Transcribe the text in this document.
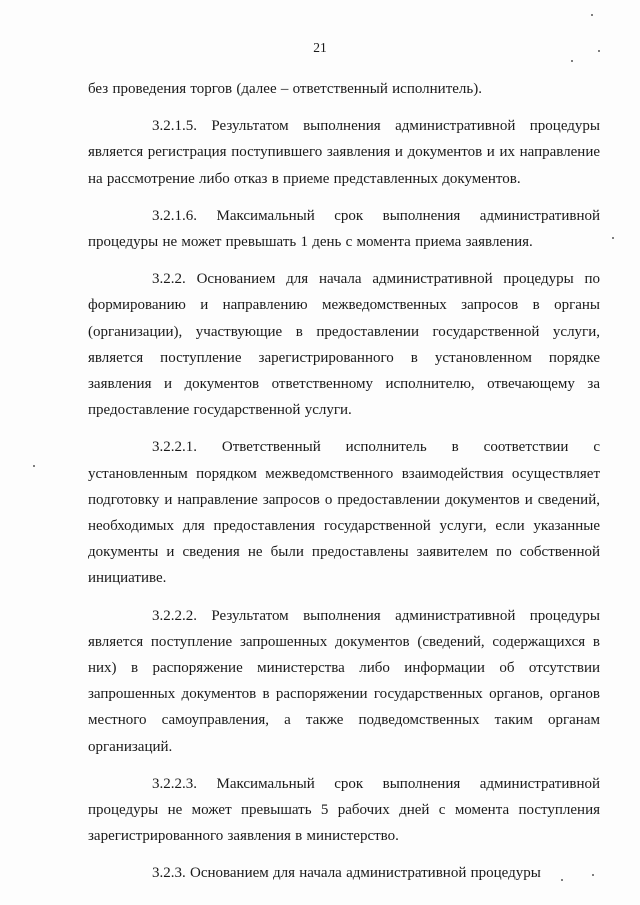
21

без проведения торгов (далее – ответственный исполнитель).

3.2.1.5. Результатом выполнения административной процедуры является регистрация поступившего заявления и документов и их направление на рассмотрение либо отказ в приеме представленных документов.

3.2.1.6. Максимальный срок выполнения административной процедуры не может превышать 1 день с момента приема заявления.

3.2.2. Основанием для начала административной процедуры по формированию и направлению межведомственных запросов в органы (организации), участвующие в предоставлении государственной услуги, является поступление зарегистрированного в установленном порядке заявления и документов ответственному исполнителю, отвечающему за предоставление государственной услуги.

3.2.2.1. Ответственный исполнитель в соответствии с установленным порядком межведомственного взаимодействия осуществляет подготовку и направление запросов о предоставлении документов и сведений, необходимых для предоставления государственной услуги, если указанные документы и сведения не были предоставлены заявителем по собственной инициативе.

3.2.2.2. Результатом выполнения административной процедуры является поступление запрошенных документов (сведений, содержащихся в них) в распоряжение министерства либо информации об отсутствии запрошенных документов в распоряжении государственных органов, органов местного самоуправления, а также подведомственных таким органам организаций.

3.2.2.3. Максимальный срок выполнения административной процедуры не может превышать 5 рабочих дней с момента поступления зарегистрированного заявления в министерство.

3.2.3. Основанием для начала административной процедуры
